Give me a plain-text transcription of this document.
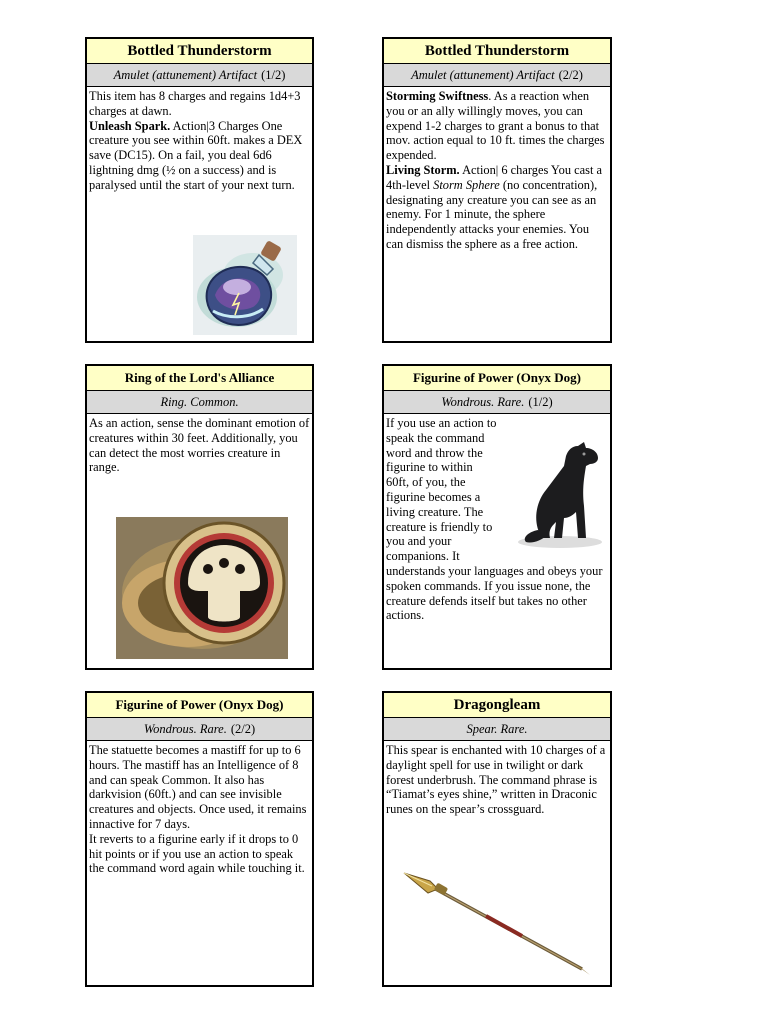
Bottled Thunderstorm
Amulet (attunement) Artifact (1/2)

This item has 8 charges and regains 1d4+3 charges at dawn.

Unleash Spark. Action|3 Charges One creature you see within 60ft. makes a DEX save (DC15). On a fail, you deal 6d6 lightning dmg (½ on a success) and is paralysed until the start of your next turn.

Bottled Thunderstorm
Amulet (attunement) Artifact (2/2)

Storming Swiftness. As a reaction when you or an ally willingly moves, you can expend 1-2 charges to grant a bonus to that mov. action equal to 10 ft. times the charges expended.

Living Storm. Action| 6 charges You cast a 4th-level Storm Sphere (no concentration), designating any creature you can see as an enemy. For 1 minute, the sphere independently attacks your enemies. You can dismiss the sphere as a free action.

Ring of the Lord's Alliance
Ring. Common.

As an action, sense the dominant emotion of creatures within 30 feet. Additionally, you can detect the most worries creature in range.

Figurine of Power (Onyx Dog)
Wondrous. Rare. (1/2)

If you use an action to speak the command word and throw the figurine to within 60ft, of you, the figurine becomes a living creature. The creature is friendly to you and your companions. It understands your languages and obeys your spoken commands. If you issue none, the creature defends itself but takes no other actions.

Figurine of Power (Onyx Dog)
Wondrous. Rare. (2/2)

The statuette becomes a mastiff for up to 6 hours. The mastiff has an Intelligence of 8 and can speak Common. It also has darkvision (60ft.) and can see invisible creatures and objects. Once used, it remains innactive for 7 days.

It reverts to a figurine early if it drops to 0 hit points or if you use an action to speak the command word again while touching it.

Dragongleam
Spear. Rare.

This spear is enchanted with 10 charges of a daylight spell for use in twilight or dark forest underbrush. The command phrase is “Tiamat’s eyes shine,” written in Draconic runes on the spear’s crossguard.
